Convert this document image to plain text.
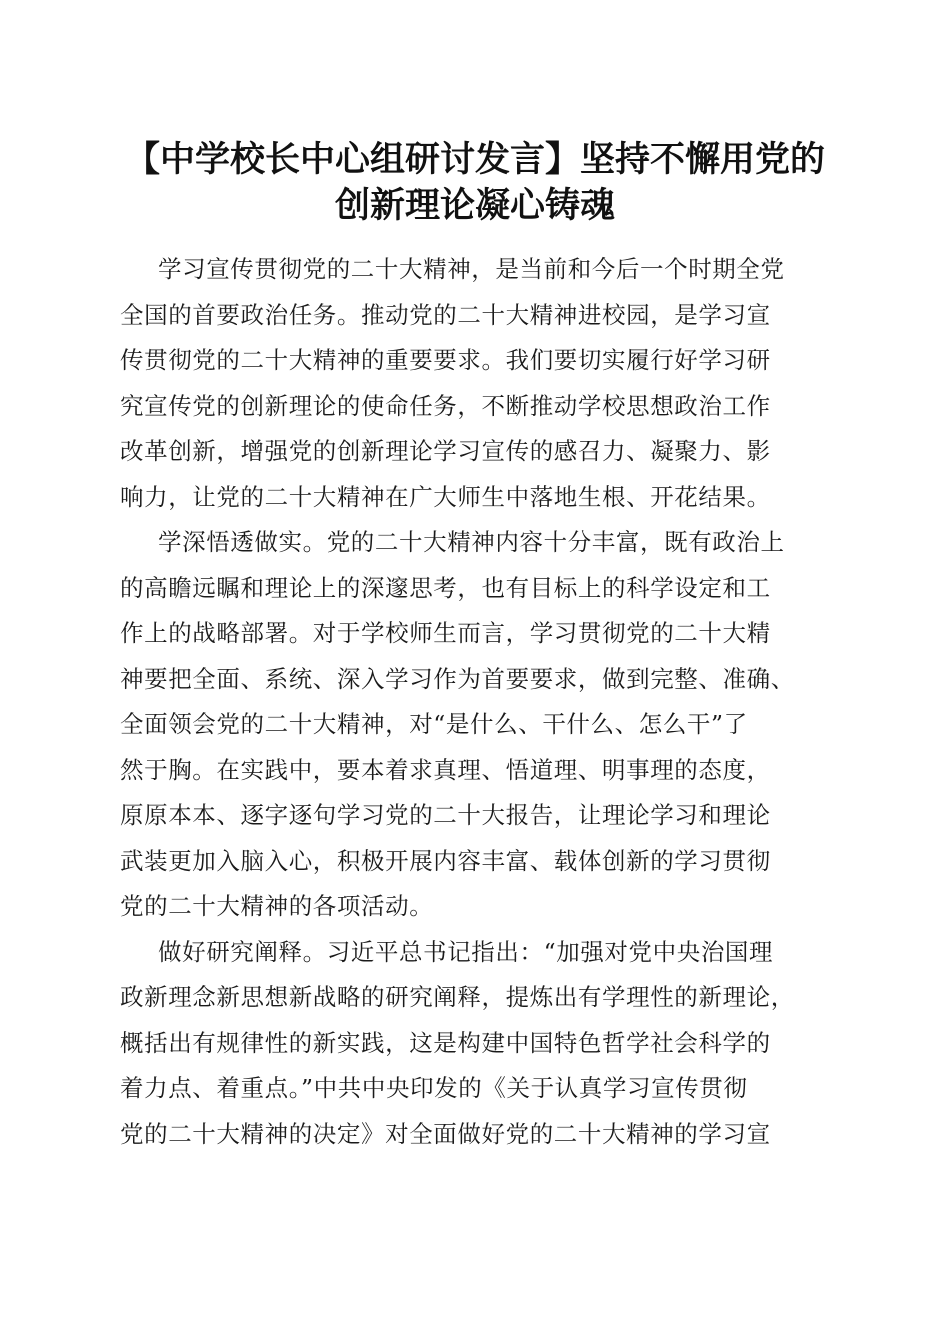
【中学校长中心组研讨发言】坚持不懈用党的
创新理论凝心铸魂
学习宣传贯彻党的二十大精神，是当前和今后一个时期全党
全国的首要政治任务。推动党的二十大精神进校园，是学习宣
传贯彻党的二十大精神的重要要求。我们要切实履行好学习研
究宣传党的创新理论的使命任务，不断推动学校思想政治工作
改革创新，增强党的创新理论学习宣传的感召力、凝聚力、影
响力，让党的二十大精神在广大师生中落地生根、开花结果。
学深悟透做实。党的二十大精神内容十分丰富，既有政治上
的高瞻远瞩和理论上的深邃思考，也有目标上的科学设定和工
作上的战略部署。对于学校师生而言，学习贯彻党的二十大精
神要把全面、系统、深入学习作为首要要求，做到完整、准确、
全面领会党的二十大精神，对“是什么、干什么、怎么干”了
然于胸。在实践中，要本着求真理、悟道理、明事理的态度，
原原本本、逐字逐句学习党的二十大报告，让理论学习和理论
武装更加入脑入心，积极开展内容丰富、载体创新的学习贯彻
党的二十大精神的各项活动。
做好研究阐释。习近平总书记指出：“加强对党中央治国理
政新理念新思想新战略的研究阐释，提炼出有学理性的新理论，
概括出有规律性的新实践，这是构建中国特色哲学社会科学的
着力点、着重点。”中共中央印发的《关于认真学习宣传贯彻
党的二十大精神的决定》对全面做好党的二十大精神的学习宣
